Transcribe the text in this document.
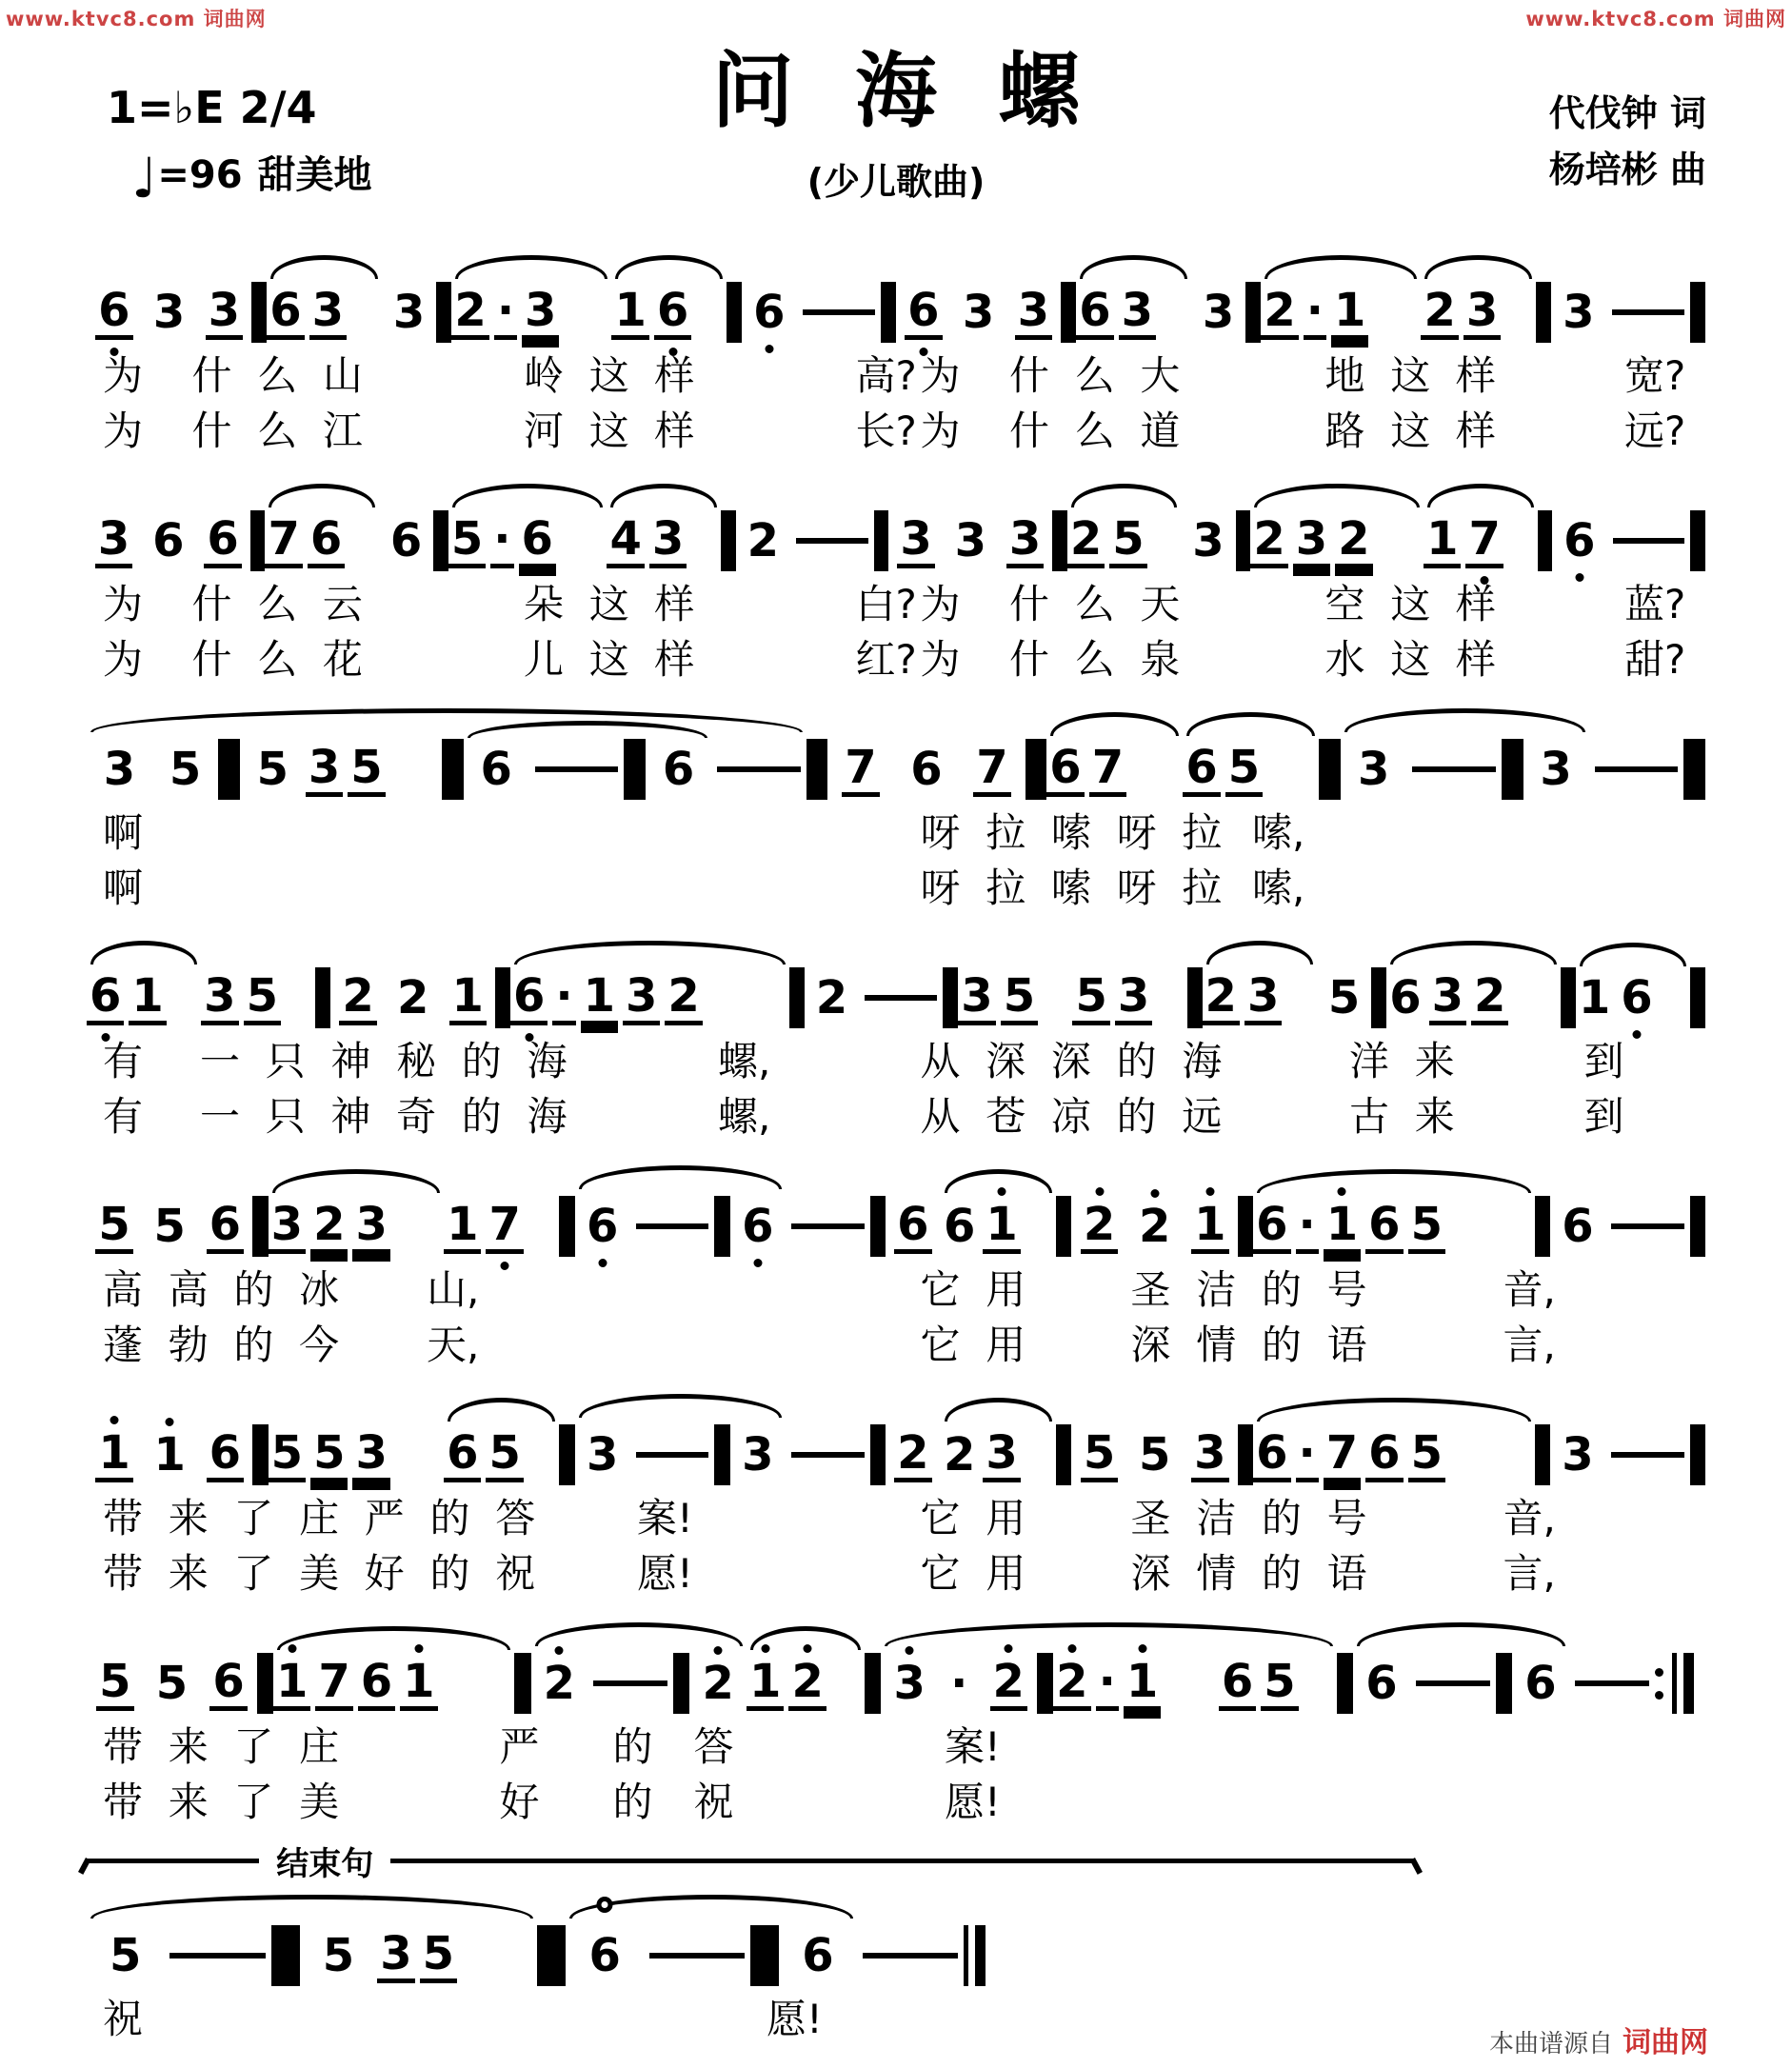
www.ktvc8.com 词曲网	www.ktvc8.com 词曲网
1=♭E 2/4
♩=96 甜美地
问海螺
(少儿歌曲)
代伐钟 词
杨培彬 曲
6 3 3 6 3 3 2 · 3 1 6 6	6 3 3 6 3 3 2 · 1 2 3 3
为 什  么  山	岭  这  样	高? 为 什  么  大	地  这  样	宽?
为 什  么  江	河  这  样	长? 为 什  么  道	路  这  样	远?
3 6 6 7 6 6 5 · 6 4 3 2	3 3 3 2 5 3 2 3 2 1 7 6
为 什  么  云	朵  这  样	白? 为 什  么  天	空  这  样	蓝?
为 什  么  花	儿  这  样	红? 为 什  么  泉	水  这  样	甜?
3 5	5 3 5	6	6	7 6 7 6 7 6 5	3	3
啊	呀  拉  嗦  呀  拉 嗦,
啊	呀  拉  嗦  呀  拉 嗦,
6 1 3 5 2 2 1 6 · 1 3 2	2 3 5 5 3 2 3 5 6 3 2 1 6
有 一  只  神  秘  的  海	螺,	从  深  深  的  海	洋  来	到
有 一  只  神  奇  的  海	螺,	从  苍  凉  的  远	古  来	到
5 5 6 3 2 3 1 7 6	6	6 6 1 2 2 1 6 · 1 6 5	6
高  高  的  冰 山,	它  用	圣  洁  的  号	音,
蓬  勃  的  今 天,	它  用	深  情  的  语	言,
1 1 6 5 5 3 6 5 3	3	2 2 3 5 5 3 6 · 7 6 5	3
带  来  了  庄  严  的  答	案!	它  用	圣  洁  的  号	音,
带  来  了  美  好  的  祝	愿!	它  用	深  情  的  语	言,
5 5 6 1 7 6 1 2	2 1 2 3 · 2 2 · 1 6 5 6	6
带  来  了  庄	严 的 答	案!
带  来  了  美	好 的 祝	愿!
结束句
5	5 3 5	6	6
祝	愿!
本曲谱源自 词曲网
